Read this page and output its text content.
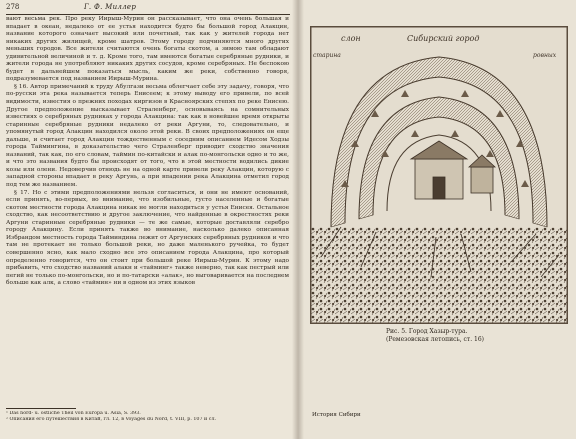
278	Г. Ф. Миллер

вают весьма рек. Про реку Иирыш-Мурин он рассказывает, что она очень большая и впадает в океан, недалеко от ее устья находится будто бы большой город Алакцин, название которого означает высокий или почетный, так как у жителей города нет никаких других жилищей, кроме шатров. Этому городу подчиняются много других меньших городов. Все жители считаются очень богаты скотом, а зимою там обладают удивительной величиной и т. д. Кроме того, там имеются богатые серебряные рудники, и жители города не употребляют никаких других сосудов, кроме серебряных. Не беспокою будет в дальнейшем показаться мысль, каким же реки, собственно говоря, подразумевается под названием Иирыш-Мурина.

§ 16. Автор примечаний к труду Абулгази весьма облегчает себе эту задачу, говоря, что по-русски эта река называется теперь Енисеем; к этому выводу его привели, по всей видимости, известия о прежних походах киргизов в Красноярских степях по реке Енисею. Другое предположение высказывает Страленберг, основываясь на сомнительных известиях о серебряных рудниках у города Алакцина: так как в новейшее время открыты старинные серебряные рудники недалеко от реки Аргуни, то, следовательно, и упомянутый город Алакцин находился около этой реки. В своих предположениях он еще дальше, и считает город Алакцин тождественным с соседним описанием Идесом Ходзы города Таймингина, в доказательство чего Страленберг приводит сходство значения названий, так как, по его словам, таймин по-китайски и алак по-монгольски одно и то же, и что это названия будто бы происходят от того, что в этой местности водились дикие козы или олени. Недоверчив отнюдь не на одной карте привели реку Алакцин, которую с западной стороны впадает в реку Аргунь, а при впадении река Алакцина отметил город под тем же названием.

§ 17. Но с этими предположениями нельзя согласиться, и они не имеют оснований, если принять, во-первых, во внимание, что изобильные, густо населенные и богатые скотом местности города Алакцина никак не могли находиться у устья Енисея. Остальное сходство, как несоответствию и другое заключение, что найденные в окрестностях реки Аргуни старинные серебряные рудники — те же самые, которые доставляли серебро городу Алакцину. Если принять также во внимание, насколько далеко описанная Избрандом местность города Тайминдина лежит от Аргунских серебряных рудников и что там не протекает не только большой реки, но даже маленького ручейка, то будет совершенно ясно, как мало сходно все это описанием города Алакцина, про который определенно говорится, что он стоит при большой реке Иирыш-Мурин. К этому надо прибавить, что сходство названий алакн и «тайминг» также неверно, так как пестрый или пегий не только по-монгольски, но и по-татарски «алак», но выговаривается на последнем больше как алк, а слово «таймин» ни в одном из этих языков

¹ Das nord- u. östliche Theil von Europa u. Asia, S. 393.
² Описания его путешествия в Китай, гл. 12, в Voyages du Nord, t. VIII, p. 107 и сл.
слон	Сибирский город
старина	ровных
Рис. 5. Город Хазыр-тура.
(Ремезовская летопись, ст. 16)
История Сибири
